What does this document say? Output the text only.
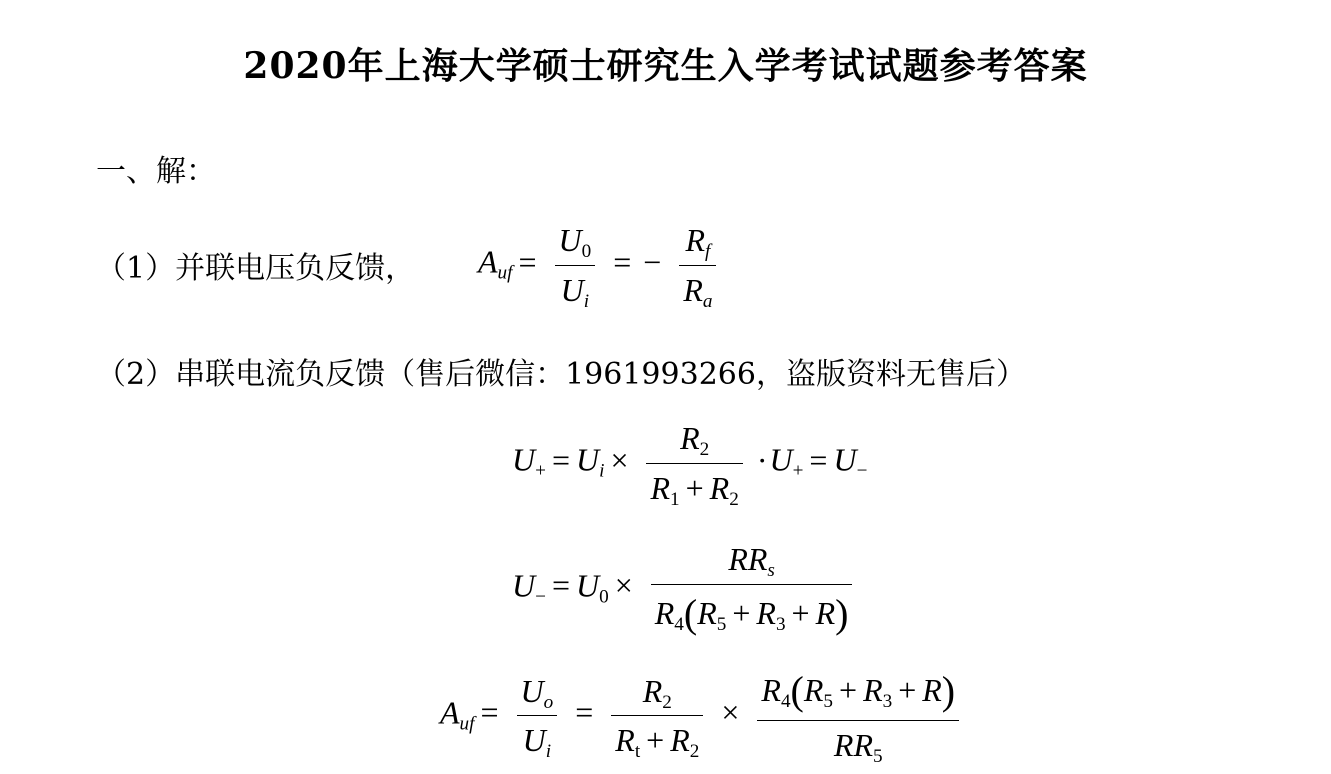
2020年上海大学硕士研究生入学考试试题参考答案
一、解：
（1）并联电压负反馈， $A_{uf} = \frac{U_0}{U_i}$ = − $\frac{R_f}{R_a}$
（2）串联电流负反馈（售后微信：1961993266，盗版资料无售后）
$U_+ = U_i \times \frac{R_2}{R_1 + R_2} \cdot U_+ = U_-$
$U_- = U_0 \times \frac{RR_s}{R_4(R_5 + R_3 + R)}$
$A_{uf} = \frac{U_o}{U_i} = \frac{R_2}{R_t + R_2} \times \frac{R_4(R_5 + R_3 + R)}{RR_5}$
